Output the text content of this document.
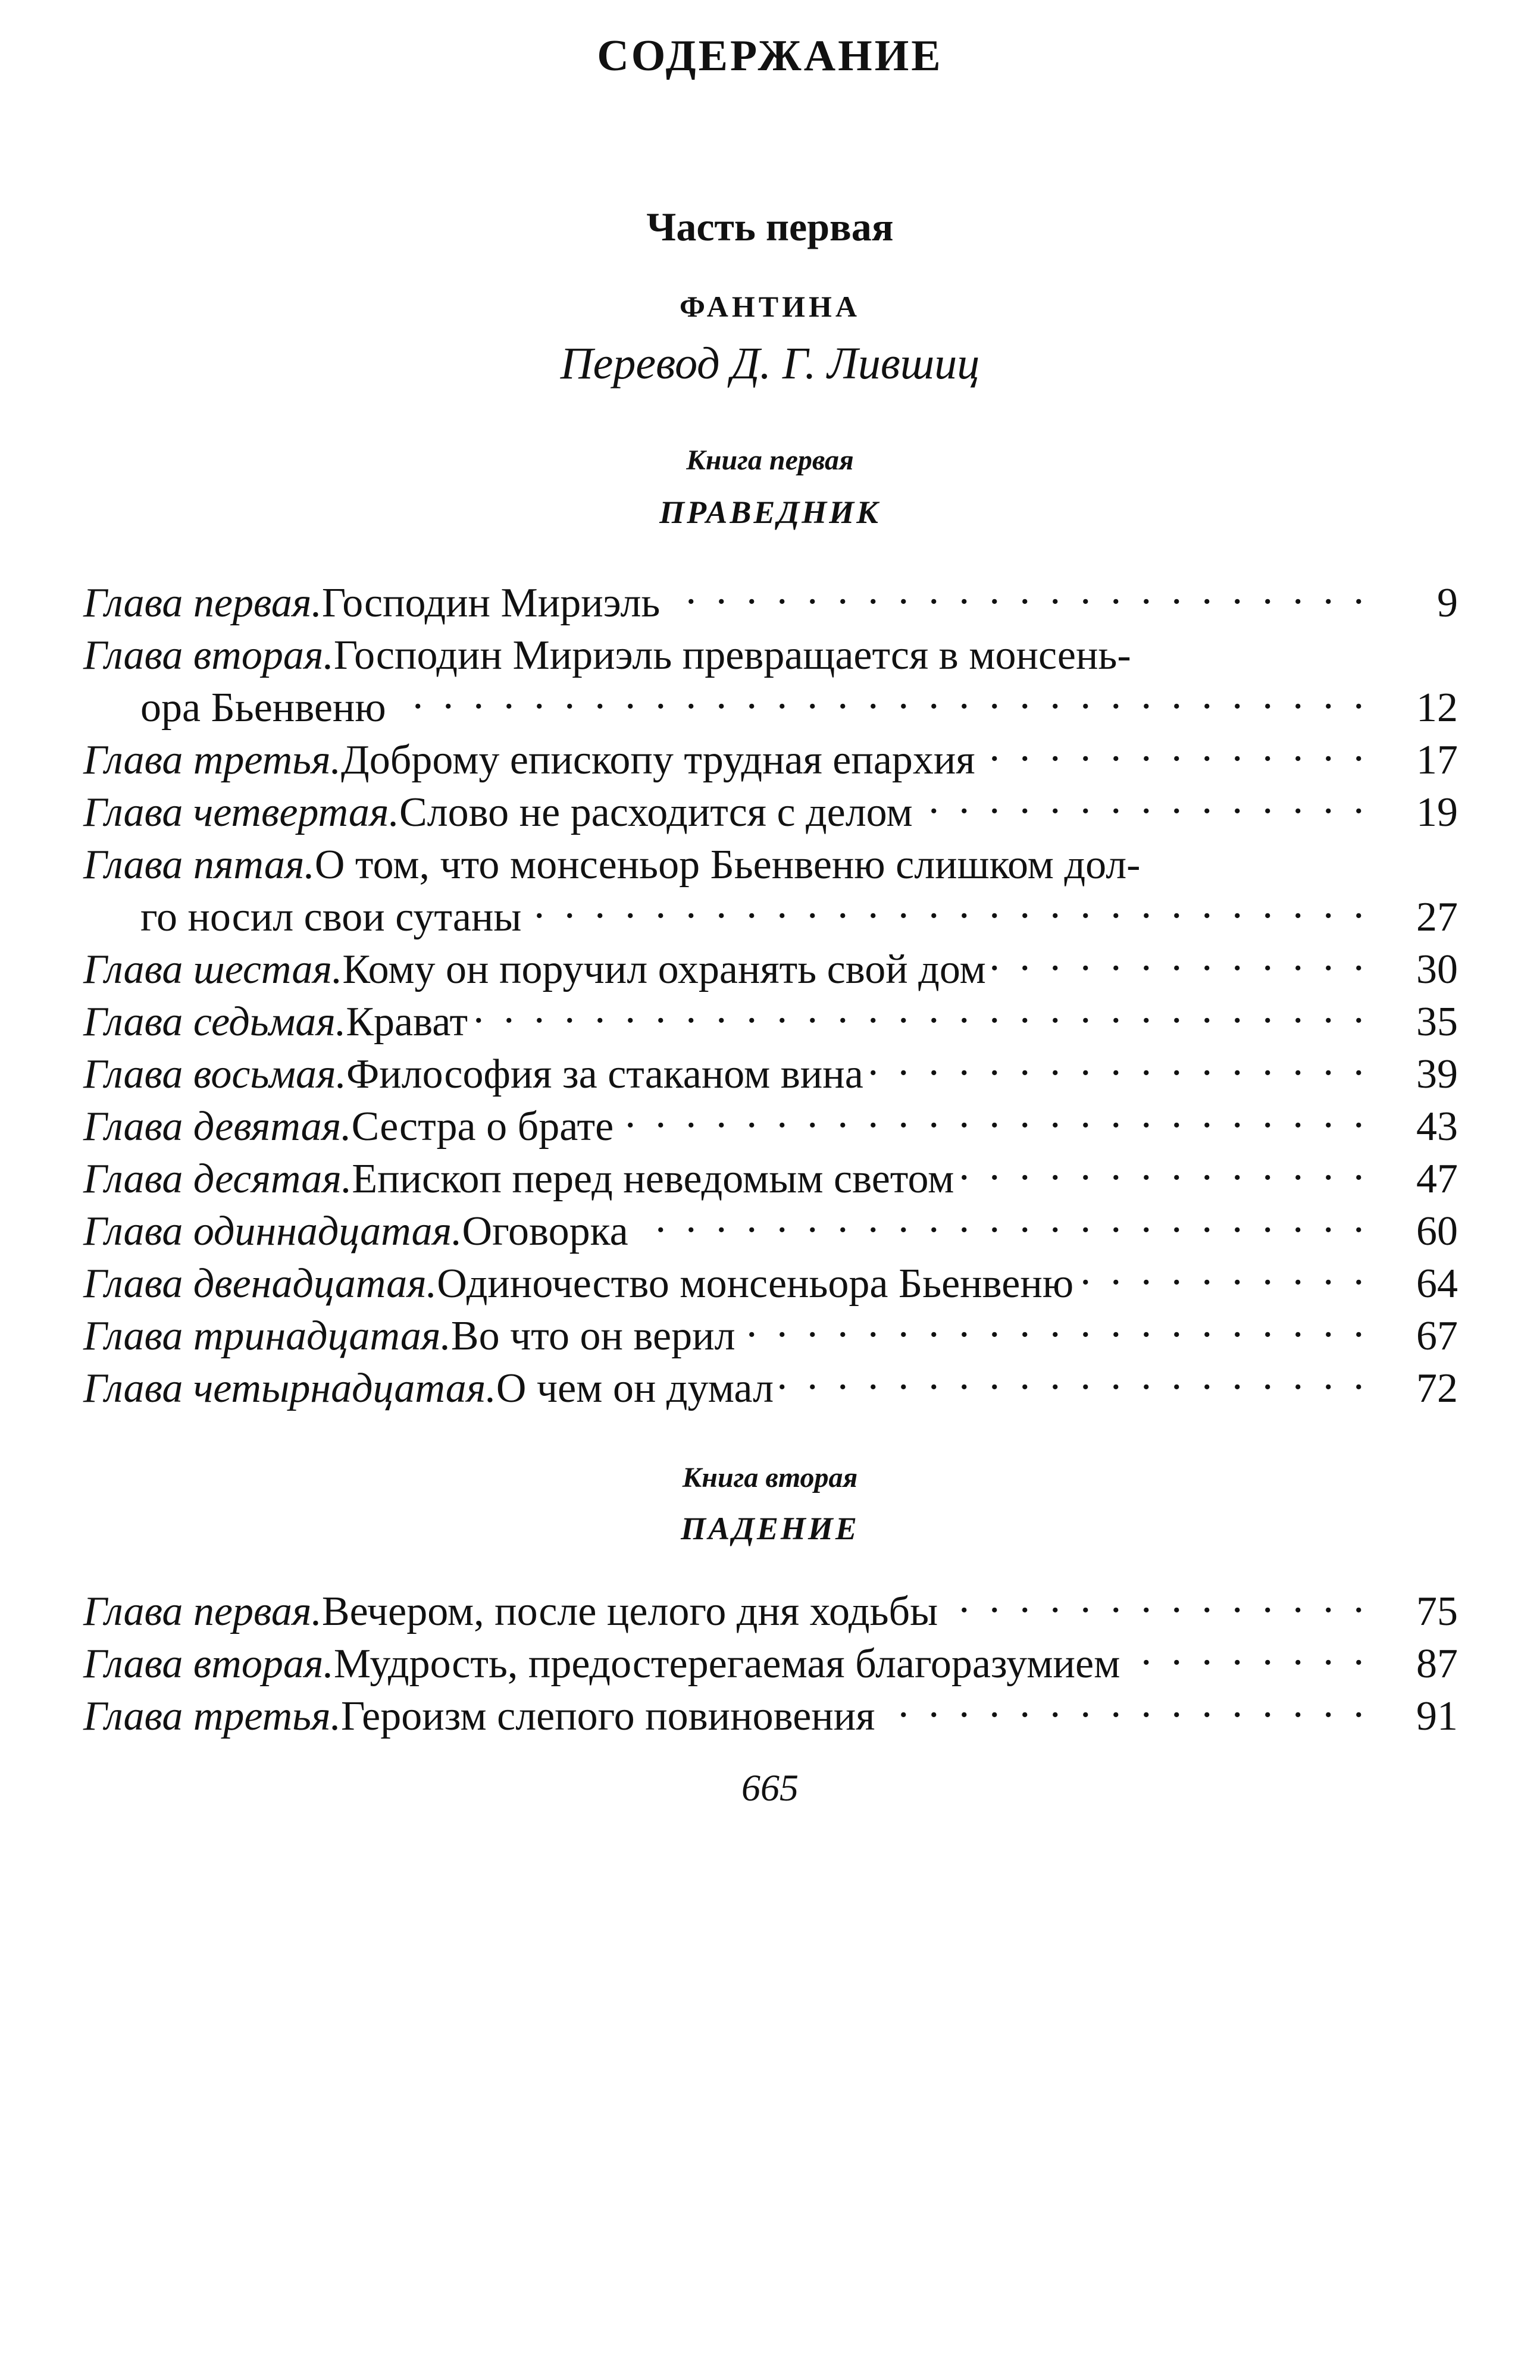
СОДЕРЖАНИЕ
Часть первая
ФАНТИНА
Перевод Д. Г. Лившиц
Книга первая
ПРАВЕДНИК
Глава первая. Господин Мириэль . . .	9
Глава вторая. Господин Мириэль превращается в монсень-
ора Бьенвеню . . .	12
Глава третья. Доброму епископу трудная епархия . . .	17
Глава четвертая. Слово не расходится с делом . . .	19
Глава пятая. О том, что монсеньор Бьенвеню слишком дол-
го носил свои сутаны . . .	27
Глава шестая. Кому он поручил охранять свой дом . . .	30
Глава седьмая. Крават . . .	35
Глава восьмая. Философия за стаканом вина . . .	39
Глава девятая. Сестра о брате . . .	43
Глава десятая. Епископ перед неведомым светом . . .	47
Глава одиннадцатая. Оговорка . . .	60
Глава двенадцатая. Одиночество монсеньора Бьенвеню . . .	64
Глава тринадцатая. Во что он верил . . .	67
Глава четырнадцатая. О чем он думал . . .	72
Книга вторая
ПАДЕНИЕ
Глава первая. Вечером, после целого дня ходьбы . . .	75
Глава вторая. Мудрость, предостерегаемая благоразумием . . .	87
Глава третья. Героизм слепого повиновения . . .	91
665
